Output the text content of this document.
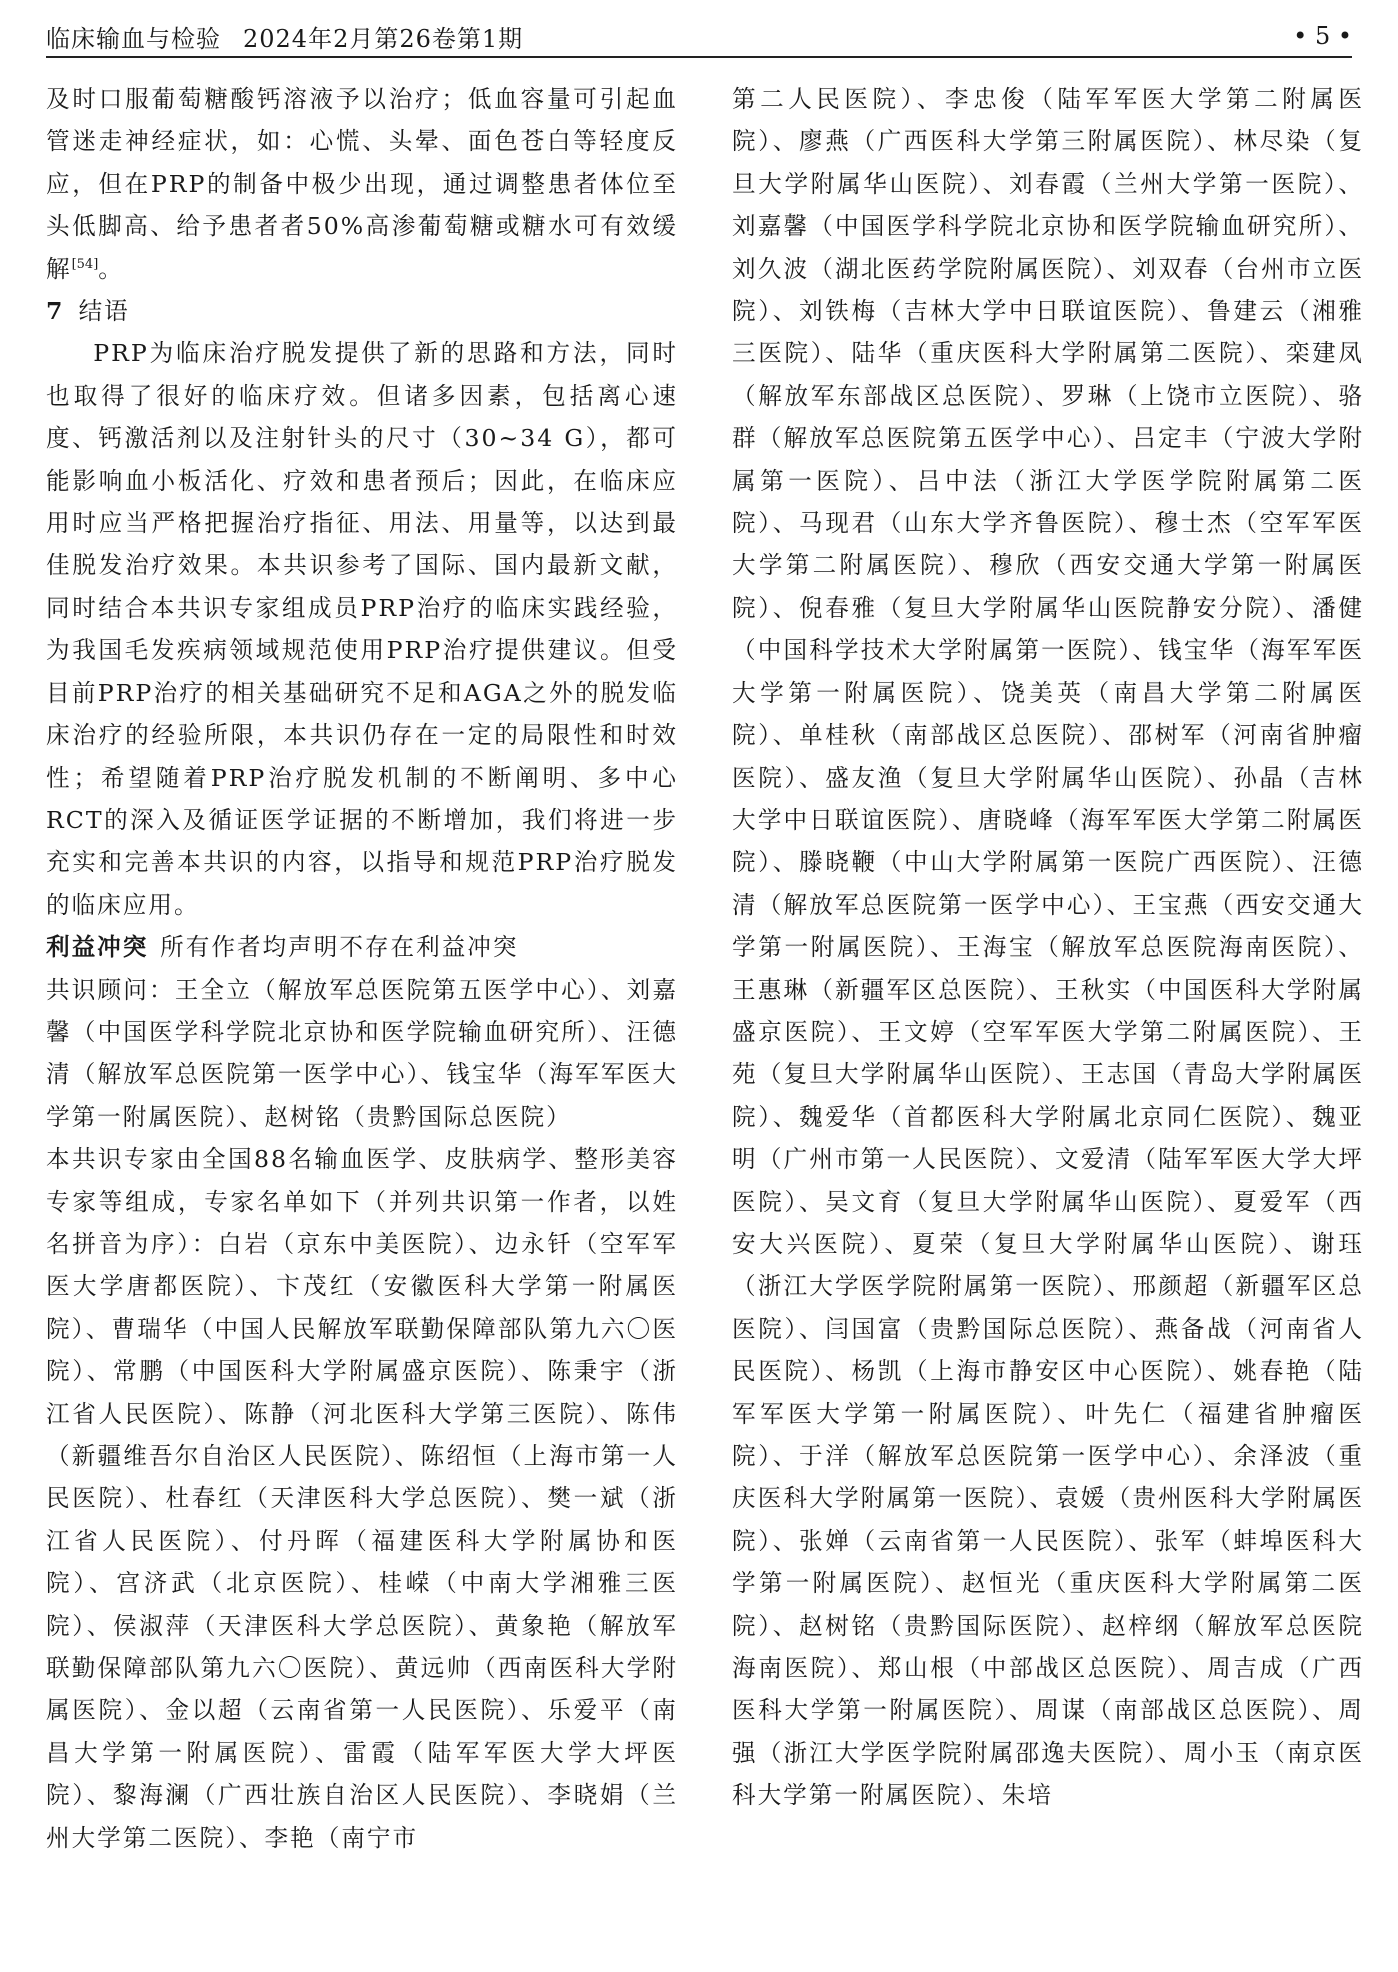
临床输血与检验 2024年2月第26卷第1期	• 5 •

及时口服葡萄糖酸钙溶液予以治疗；低血容量可引起血管迷走神经症状，如：心慌、头晕、面色苍白等轻度反应，但在PRP的制备中极少出现，通过调整患者体位至头低脚高、给予患者者50%高渗葡萄糖或糖水可有效缓解[54]。

7 结语

PRP为临床治疗脱发提供了新的思路和方法，同时也取得了很好的临床疗效。但诸多因素，包括离心速度、钙激活剂以及注射针头的尺寸（30~34 G），都可能影响血小板活化、疗效和患者预后；因此，在临床应用时应当严格把握治疗指征、用法、用量等，以达到最佳脱发治疗效果。本共识参考了国际、国内最新文献，同时结合本共识专家组成员PRP治疗的临床实践经验，为我国毛发疾病领域规范使用PRP治疗提供建议。但受目前PRP治疗的相关基础研究不足和AGA之外的脱发临床治疗的经验所限，本共识仍存在一定的局限性和时效性；希望随着PRP治疗脱发机制的不断阐明、多中心RCT的深入及循证医学证据的不断增加，我们将进一步充实和完善本共识的内容，以指导和规范PRP治疗脱发的临床应用。

利益冲突 所有作者均声明不存在利益冲突

共识顾问：王全立（解放军总医院第五医学中心）、刘嘉馨（中国医学科学院北京协和医学院输血研究所）、汪德清（解放军总医院第一医学中心）、钱宝华（海军军医大学第一附属医院）、赵树铭（贵黔国际总医院）

本共识专家由全国88名输血医学、皮肤病学、整形美容专家等组成，专家名单如下（并列共识第一作者，以姓名拼音为序）：白岩（京东中美医院）、边永钎（空军军医大学唐都医院）、卞茂红（安徽医科大学第一附属医院）、曹瑞华（中国人民解放军联勤保障部队第九六〇医院）、常鹏（中国医科大学附属盛京医院）、陈秉宇（浙江省人民医院）、陈静（河北医科大学第三医院）、陈伟（新疆维吾尔自治区人民医院）、陈绍恒（上海市第一人民医院）、杜春红（天津医科大学总医院）、樊一斌（浙江省人民医院）、付丹晖（福建医科大学附属协和医院）、宫济武（北京医院）、桂嵘（中南大学湘雅三医院）、侯淑萍（天津医科大学总医院）、黄象艳（解放军联勤保障部队第九六〇医院）、黄远帅（西南医科大学附属医院）、金以超（云南省第一人民医院）、乐爱平（南昌大学第一附属医院）、雷霞（陆军军医大学大坪医院）、黎海澜（广西壮族自治区人民医院）、李晓娟（兰州大学第二医院）、李艳（南宁市

第二人民医院）、李忠俊（陆军军医大学第二附属医院）、廖燕（广西医科大学第三附属医院）、林尽染（复旦大学附属华山医院）、刘春霞（兰州大学第一医院）、刘嘉馨（中国医学科学院北京协和医学院输血研究所）、刘久波（湖北医药学院附属医院）、刘双春（台州市立医院）、刘铁梅（吉林大学中日联谊医院）、鲁建云（湘雅三医院）、陆华（重庆医科大学附属第二医院）、栾建凤（解放军东部战区总医院）、罗琳（上饶市立医院）、骆群（解放军总医院第五医学中心）、吕定丰（宁波大学附属第一医院）、吕中法（浙江大学医学院附属第二医院）、马现君（山东大学齐鲁医院）、穆士杰（空军军医大学第二附属医院）、穆欣（西安交通大学第一附属医院）、倪春雅（复旦大学附属华山医院静安分院）、潘健（中国科学技术大学附属第一医院）、钱宝华（海军军医大学第一附属医院）、饶美英（南昌大学第二附属医院）、单桂秋（南部战区总医院）、邵树军（河南省肿瘤医院）、盛友渔（复旦大学附属华山医院）、孙晶（吉林大学中日联谊医院）、唐晓峰（海军军医大学第二附属医院）、滕晓鞭（中山大学附属第一医院广西医院）、汪德清（解放军总医院第一医学中心）、王宝燕（西安交通大学第一附属医院）、王海宝（解放军总医院海南医院）、王惠琳（新疆军区总医院）、王秋实（中国医科大学附属盛京医院）、王文婷（空军军医大学第二附属医院）、王苑（复旦大学附属华山医院）、王志国（青岛大学附属医院）、魏爱华（首都医科大学附属北京同仁医院）、魏亚明（广州市第一人民医院）、文爱清（陆军军医大学大坪医院）、吴文育（复旦大学附属华山医院）、夏爱军（西安大兴医院）、夏荣（复旦大学附属华山医院）、谢珏（浙江大学医学院附属第一医院）、邢颜超（新疆军区总医院）、闫国富（贵黔国际总医院）、燕备战（河南省人民医院）、杨凯（上海市静安区中心医院）、姚春艳（陆军军医大学第一附属医院）、叶先仁（福建省肿瘤医院）、于洋（解放军总医院第一医学中心）、余泽波（重庆医科大学附属第一医院）、袁媛（贵州医科大学附属医院）、张婵（云南省第一人民医院）、张军（蚌埠医科大学第一附属医院）、赵恒光（重庆医科大学附属第二医院）、赵树铭（贵黔国际医院）、赵梓纲（解放军总医院海南医院）、郑山根（中部战区总医院）、周吉成（广西医科大学第一附属医院）、周谋（南部战区总医院）、周强（浙江大学医学院附属邵逸夫医院）、周小玉（南京医科大学第一附属医院）、朱培
